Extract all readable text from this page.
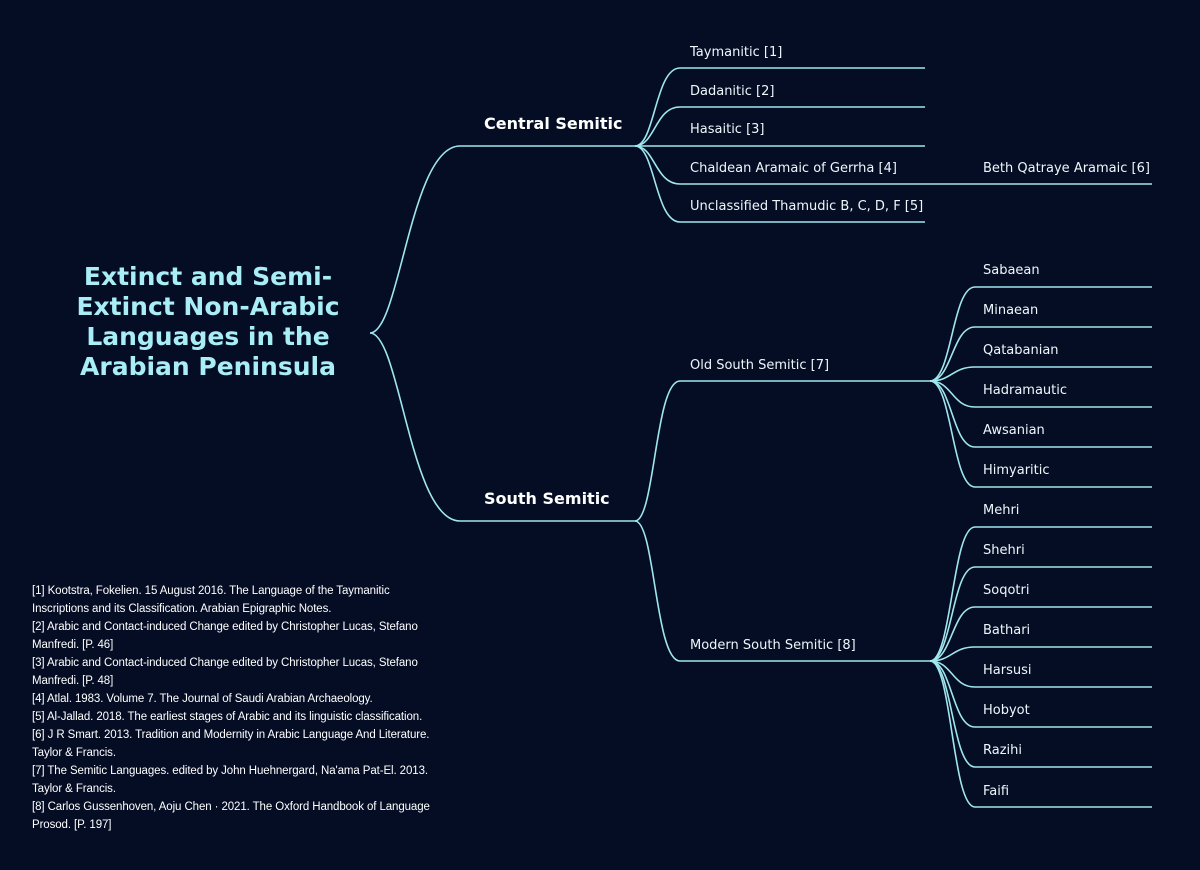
Extinct and Semi-Extinct Non-Arabic Languages in the Arabian Peninsula
Central Semitic
South Semitic
Taymanitic [1]
Dadanitic [2]
Hasaitic [3]
Chaldean Aramaic of Gerrha [4]
Unclassified Thamudic B, C, D, F [5]
Beth Qatraye Aramaic [6]
Old South Semitic [7]
Modern South Semitic [8]
Sabaean
Minaean
Qatabanian
Hadramautic
Awsanian
Himyaritic
Mehri
Shehri
Soqotri
Bathari
Harsusi
Hobyot
Razihi
Faifi
[1] Kootstra, Fokelien. 15 August 2016. The Language of the Taymanitic Inscriptions and its Classification. Arabian Epigraphic Notes.
[2] Arabic and Contact-induced Change edited by Christopher Lucas, Stefano Manfredi. [P. 46]
[3] Arabic and Contact-induced Change edited by Christopher Lucas, Stefano Manfredi. [P. 48]
[4] Atlal. 1983. Volume 7. The Journal of Saudi Arabian Archaeology.
[5] Al-Jallad. 2018. The earliest stages of Arabic and its linguistic classification.
[6] J R Smart. 2013. Tradition and Modernity in Arabic Language And Literature. Taylor & Francis.
[7] The Semitic Languages. edited by John Huehnergard, Na'ama Pat-El. 2013. Taylor & Francis.
[8] Carlos Gussenhoven, Aoju Chen · 2021. The Oxford Handbook of Language Prosod. [P. 197]
